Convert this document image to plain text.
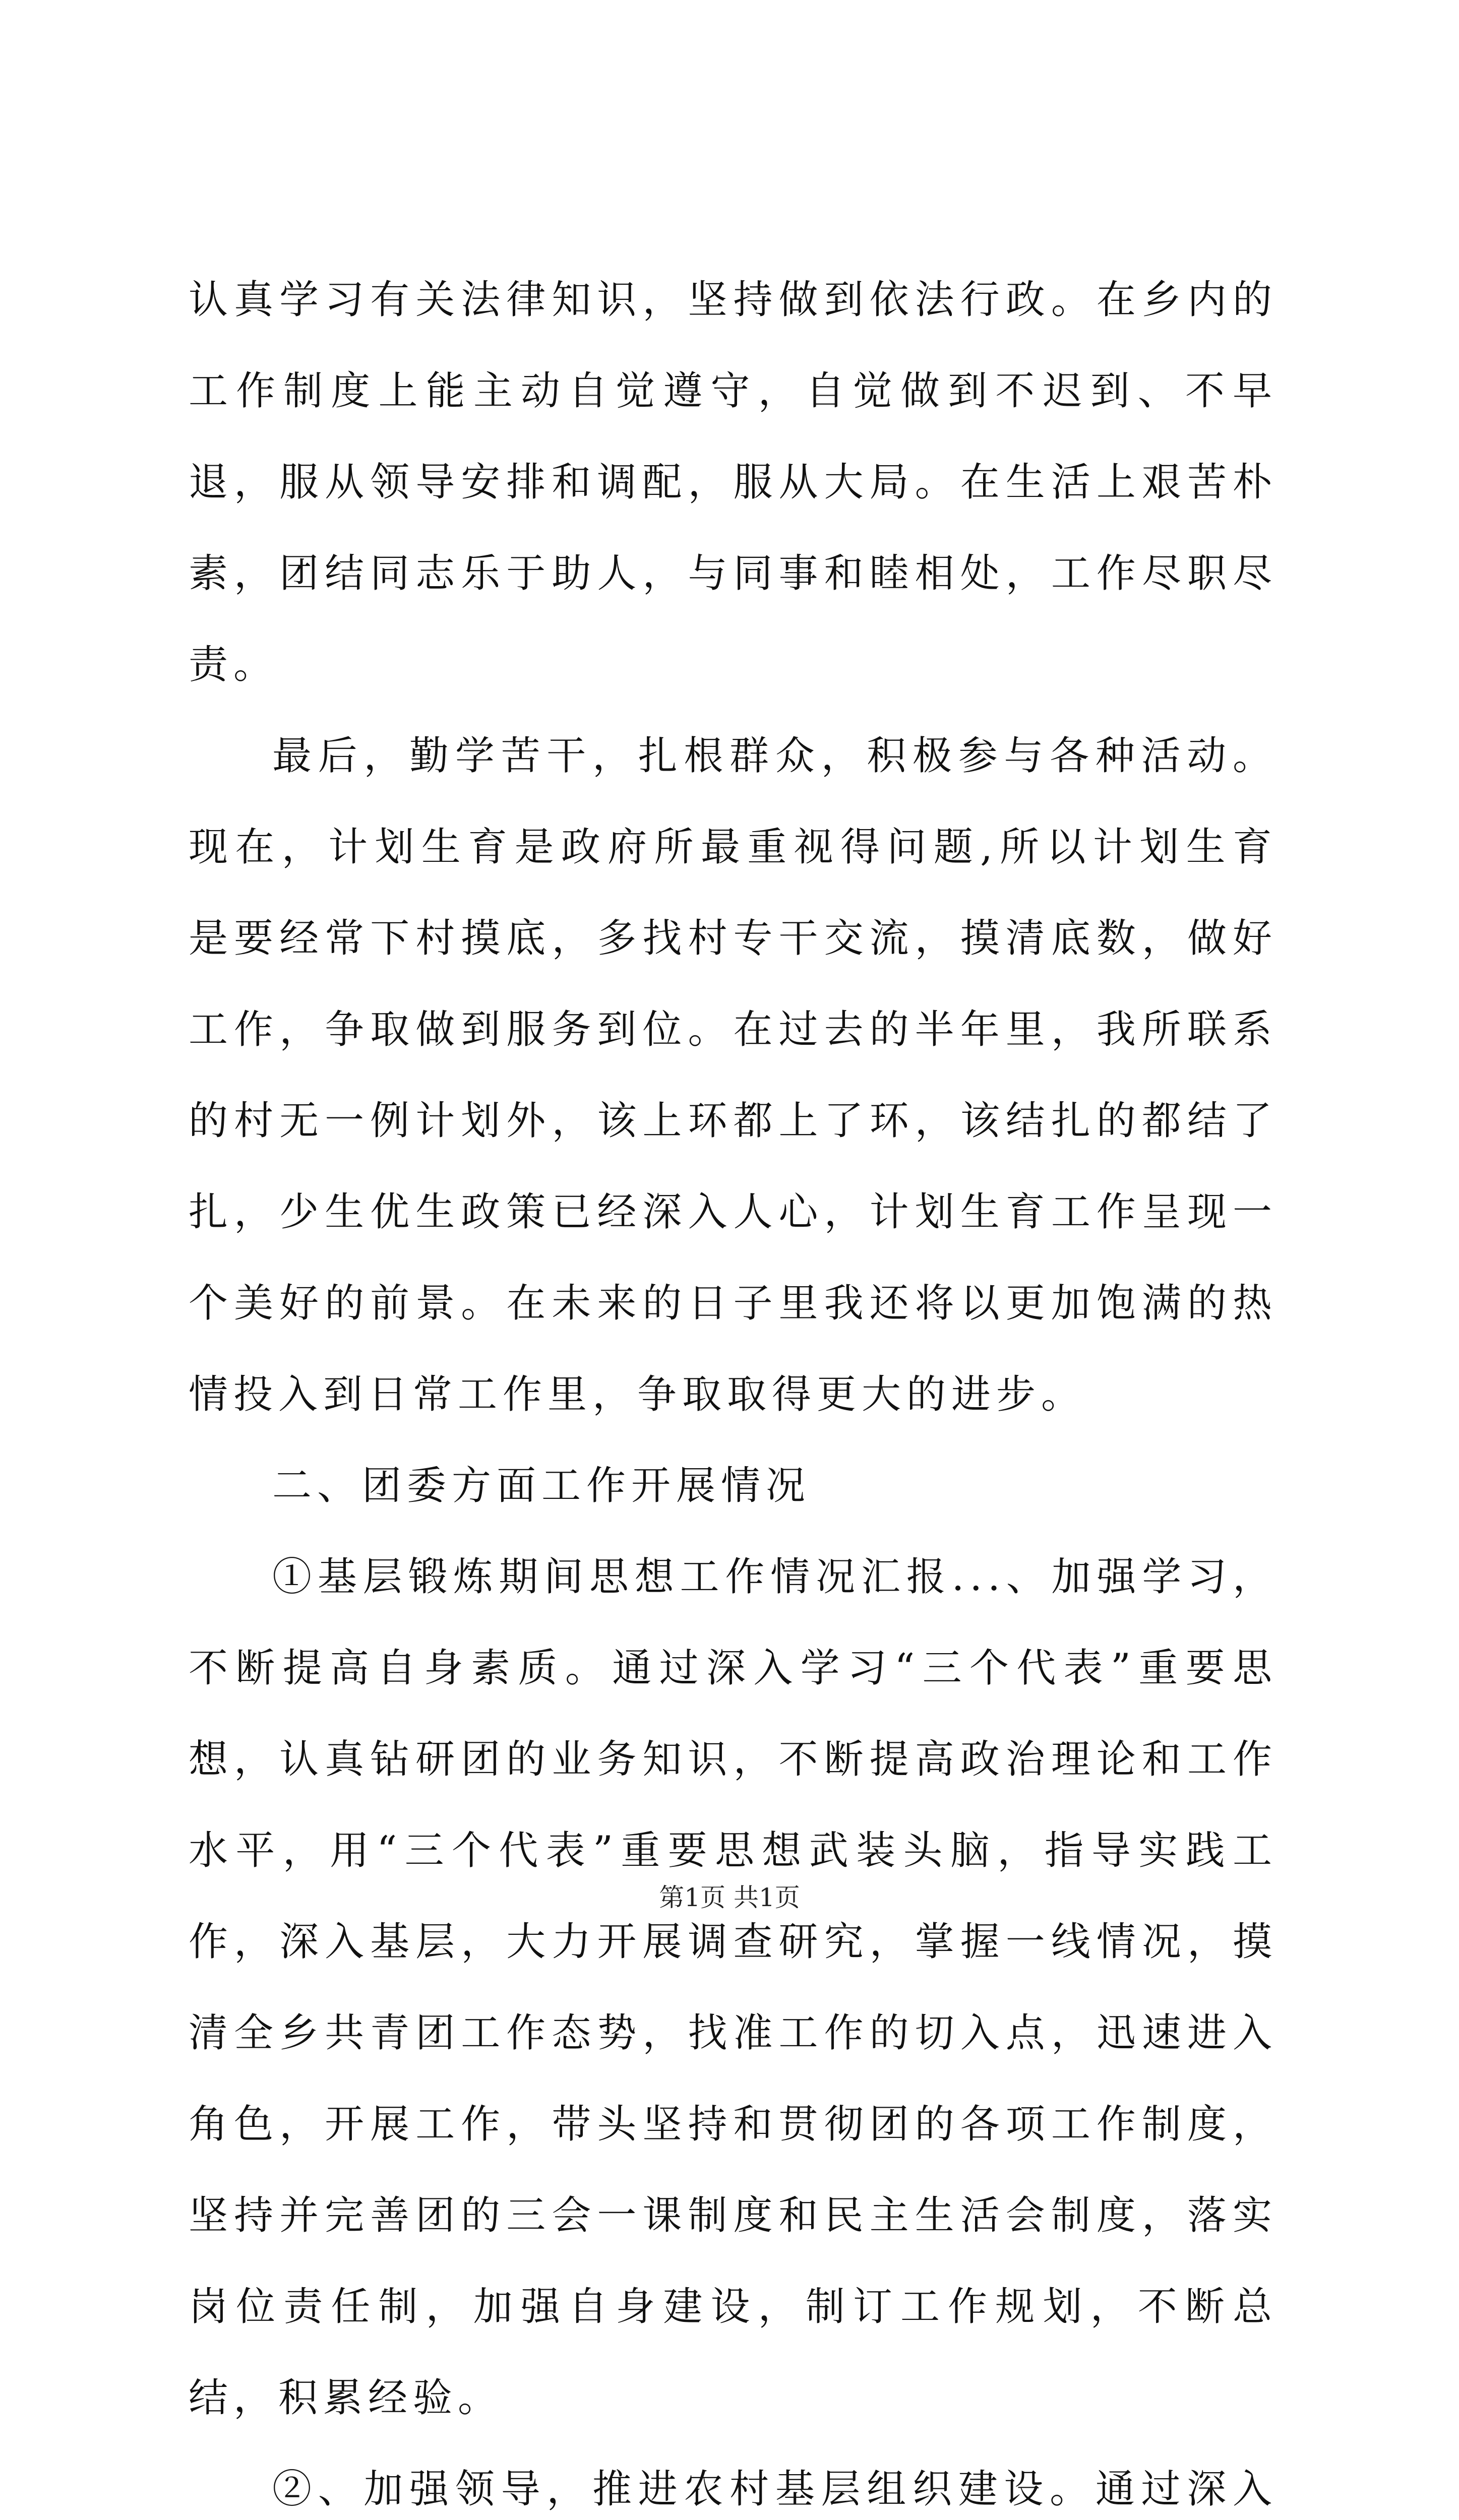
认真学习有关法律知识，坚持做到依法行政。在乡内的工作制度上能主动自觉遵守，自觉做到不迟到、不早退，服从领导安排和调配，服从大局。在生活上艰苦朴素，团结同志乐于助人，与同事和睦相处，工作尽职尽责。

最后，勤学苦干，扎根群众，积极参与各种活动。现在，计划生育是政府所最重视得问题,所以计划生育是要经常下村摸底，多找村专干交流，摸清底数，做好工作，争取做到服务到位。在过去的半年里，我所联系的村无一例计划外，该上环都上了环，该结扎的都结了扎，少生优生政策已经深入人心，计划生育工作呈现一个美好的前景。在未来的日子里我还将以更加饱满的热情投入到日常工作里，争取取得更大的进步。

二、团委方面工作开展情况

①基层锻炼期间思想工作情况汇报...、加强学习，不断提高自身素质。通过深入学习“三个代表”重要思想，认真钻研团的业务知识，不断提高政治理论和工作水平，用“三个代表”重要思想武装头脑，指导实践工作，深入基层，大力开展调查研究，掌握一线情况，摸清全乡共青团工作态势，找准工作的切入点，迅速进入角色，开展工作，带头坚持和贯彻团的各项工作制度，坚持并完善团的三会一课制度和民主生活会制度，落实岗位责任制，加强自身建设，制订工作规划，不断总结，积累经验。

②、加强领导，推进农村基层组织建设。通过深入

第1页 共1页
